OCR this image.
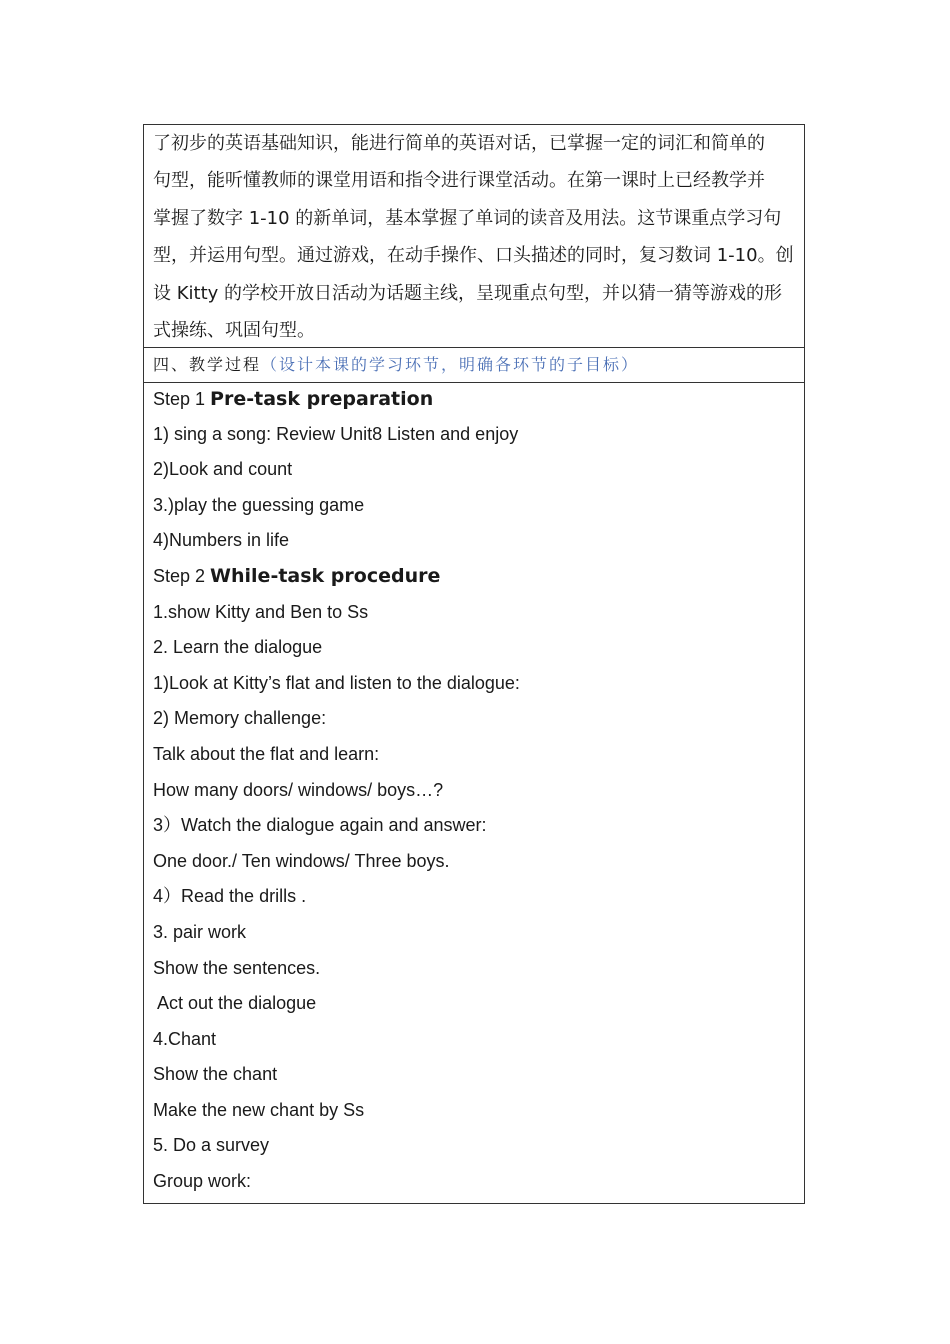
了初步的英语基础知识，能进行简单的英语对话，已掌握一定的词汇和简单的
句型，能听懂教师的课堂用语和指令进行课堂活动。在第一课时上已经教学并
掌握了数字 1-10 的新单词，基本掌握了单词的读音及用法。这节课重点学习句
型，并运用句型。通过游戏，在动手操作、口头描述的同时，复习数词 1-10。创
设 Kitty 的学校开放日活动为话题主线，呈现重点句型，并以猜一猜等游戏的形
式操练、巩固句型。
四、教学过程（设计本课的学习环节，明确各环节的子目标）
Step 1 Pre-task preparation
1) sing a song: Review Unit8 Listen and enjoy
2)Look and count
3.)play the guessing game
4)Numbers in life
Step 2 While-task procedure
1.show Kitty and Ben to Ss
2. Learn the dialogue
1)Look at Kitty’s flat and listen to the dialogue:
2) Memory challenge:
Talk about the flat and learn:
How many doors/ windows/ boys…?
3）Watch the dialogue again and answer:
One door./ Ten windows/ Three boys.
4）Read the drills .
3. pair work
Show the sentences.
Act out the dialogue
4.Chant
Show the chant
Make the new chant by Ss
5. Do a survey
Group work:
